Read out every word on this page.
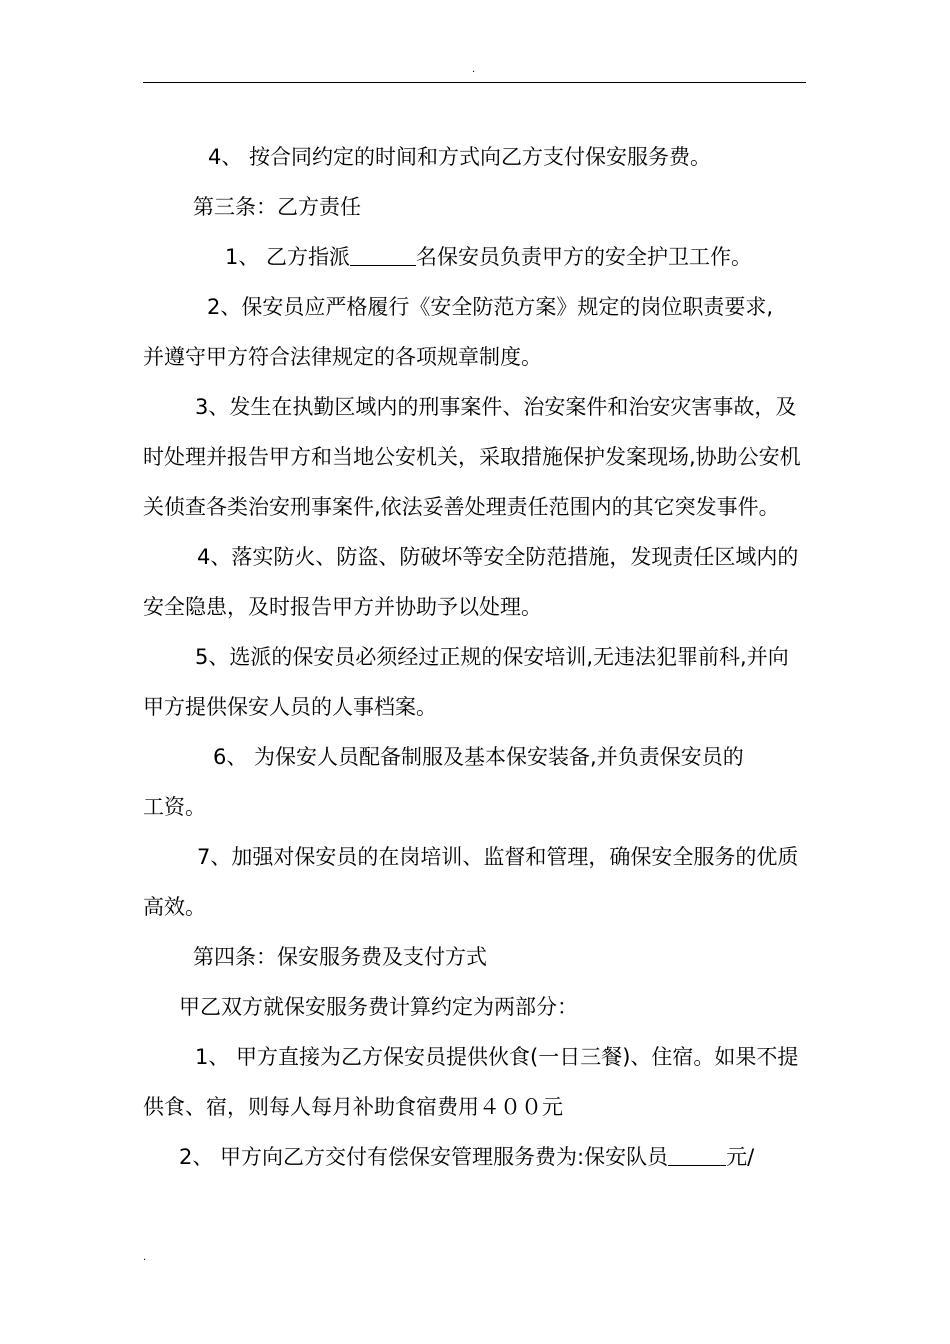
.

4、 按合同约定的时间和方式向乙方支付保安服务费。

第三条：乙方责任

1、 乙方指派	名保安员负责甲方的安全护卫工作。

2、保安员应严格履行《安全防范方案》规定的岗位职责要求,

并遵守甲方符合法律规定的各项规章制度。

3、发生在执勤区域内的刑事案件、治安案件和治安灾害事故，及时处理并报告甲方和当地公安机关，采取措施保护发案现场,协助公安机关侦查各类治安刑事案件,依法妥善处理责任范围内的其它突发事件。

4、落实防火、防盗、防破坏等安全防范措施，发现责任区域内的安全隐患，及时报告甲方并协助予以处理。

5、选派的保安员必须经过正规的保安培训,无违法犯罪前科,并向甲方提供保安人员的人事档案。

6、 为保安人员配备制服及基本保安装备,并负责保安员的

工资。

7、加强对保安员的在岗培训、监督和管理，确保安全服务的优质高效。

第四条：保安服务费及支付方式

甲乙双方就保安服务费计算约定为两部分：

1、 甲方直接为乙方保安员提供伙食(一日三餐)、住宿。如果不提供食、宿，则每人每月补助食宿费用４００元

2、 甲方向乙方交付有偿保安管理服务费为:保安队员	元/

.
